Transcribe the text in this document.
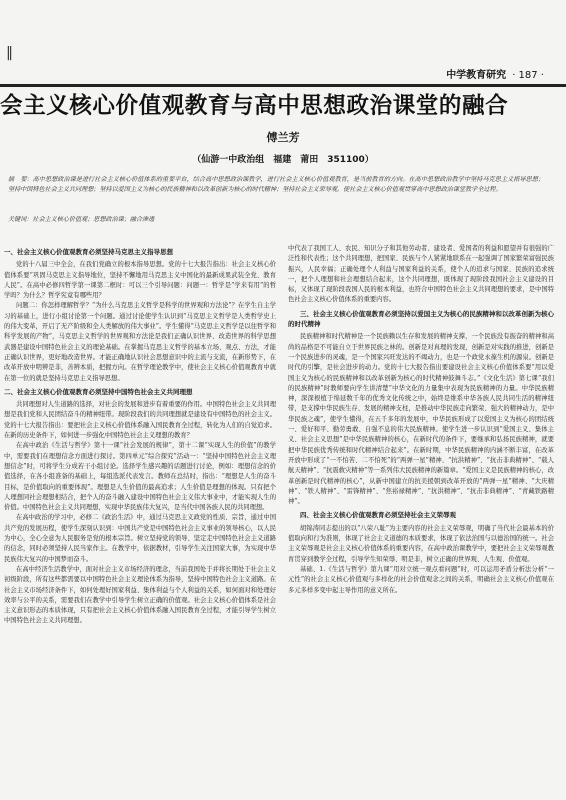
‖
中学教育研究 · 187 ·
会主义核心价值观教育与高中思想政治课堂的融合
傅兰芳
（仙游一中政治组　福建　莆田　351100）
摘　要：高中思想政治课是进行社会主义核心价值体系的重要平台，结合高中思想政治课教学，进行社会主义核心价值观教育，是当前教育的方向。在高中思想政治教学中坚持马克思主义指导思想；坚持中国特色社会主义共同理想；坚持以爱国主义为核心的民族精神和以改革创新为核心的时代精神；坚持社会主义荣辱观。使社会主义核心价值观贯穿高中思想政治课堂教学全过程。
关键词：社会主义核心价值观；思想政治课；融合渗透
一、社会主义核心价值观教育必须坚持马克思主义指导思想

党的十八届三中全会，在我们党确立的根本指导思想。党的十七大报告指出：社会主义核心价值体系要“巩固马克思主义指导地位，坚持不懈地用马克思主义中国化的最新成果武装全党、教育人民”。在高中必修四哲学第一课第二框时：可以三个引导问题：问题一：哲学是“学来有用”的哲学吗？为什么？哲学究竟有哪些用？

问题二：你怎样理解哲学？“为什么马克思主义哲学是科学的世界观和方法论”？在学生自主学习的基础上，进行小组讨论第一个问题。通过讨论使学生认识到“马克思主义哲学是人类哲学史上的伟大变革，开启了无产阶级和全人类解放的伟大事业”。学生懂得“马克思主义哲学是以往哲学和科学发展的产物”，马克思主义哲学的世界观和方法论是我们正确认识世界、改造世界的科学思想武器是建设中国特色社会主义的理论基础。在掌握马克思主义哲学的基本立场、观点、方法，才能正确认识世界，更好地改造世界。才能正确地认识社会思想意识中的主流与支流，在新形势下，在改革开放中明辨是非，善辨本质，把握方向。在哲学理论教学中，使社会主义核心价值观教育中就在第一位的就是坚持马克思主义指导思想。

二、社会主义核心价值观教育必须坚持中国特色社会主义共同理想

共同理想对人生道路的选择，对社会的发展和进步有着重要的作用。中国特色社会主义共同理想是我们党和人民团结奋斗的精神纽带。现阶段我们的共同理想就是建设有中国特色的社会主义。党的十七大报告指出：要把社会主义核心价值体系融入国民教育全过程，转化为人们的自觉追求。在新的历史条件下，如何进一步强化中国特色社会主义理想的教育？

在高中政治《生活与哲学》第十一课“社会发展的规律”，第十二课“实现人生的价值”的教学中，需要我们在理想信念方面进行探讨。第四单元“综合探究”活动一：“坚持中国特色社会主义理想信念”时，可将学生分成若干小组讨论。选择学生感兴趣的话题进行讨论，例如：理想信念的价值选择，在各小组准备的基础上，每组选派代表发言。教师在总结时，指出：“理想是人生的奋斗目标，是价值取向的重要体现”。理想是人生价值的最高追求；人生价值是理想的体现。只有把个人理想同社会理想相结合，把个人的奋斗融入建设中国特色社会主义伟大事业中，才能实现人生的价值。中国特色社会主义共同理想，实现中华民族伟大复兴，是当代中国各族人民的共同理想。

在高中政治的学习中，必修二《政治生活》中，通过马克思主义政党的性质、宗旨，通过中国共产党的发展历程，使学生深刻认识到：中国共产党是中国特色社会主义事业的领导核心，以人民为中心，全心全意为人民服务是党的根本宗旨。树立坚持党的领导、坚定走中国特色社会主义道路的信念，同时必须坚持人民当家作主。在教学中，依据教材，引导学生关注国家大事，为实现中华民族伟大复兴的中国梦而奋斗。

在高中经济生活教学中，面对社会主义市场经济的理念，当前我国处于并将长期处于社会主义初级阶段，所有这些都需要以中国特色社会主义理论体系为指导，坚持中国特色社会主义道路。在社会主义市场经济条件下，如何处理好国家利益、集体利益与个人利益的关系，如何面对和处理好效率与公平的关系，需要我们在教学中引导学生树立正确的价值观。社会主义核心价值体系是社会主义意识形态的本质体现，只有把社会主义核心价值体系融入国民教育全过程，才能引导学生树立中国特色社会主义共同理想。

中代表了我国工人、农民、知识分子和其他劳动者、建设者、爱国者的利益和愿望并有很强的广泛性和代表性；这个共同理想，把国家、民族与个人紧紧地联系在一起强调了国家繁荣富强民族振兴，人民幸福；正确处理个人利益与国家利益的关系，使个人的追求与国家、民族的追求统一，把个人理想和社会理想结合起来，这个共同理想，既体现了现阶段我国社会主义建设的目标，又体现了现阶段我国人民的根本利益，也符合中国特色社会主义共同理想的要求，是中国特色社会主义核心价值体系的重要内容。

三、社会主义核心价值观教育必须坚持以爱国主义为核心的民族精神和以改革创新为核心的时代精神

民族精神和时代精神是一个民族赖以生存和发展的精神支撑，一个民族没有振奋的精神和高尚的品格是不可能自立于世界民族之林的。创新是对真理的发现，创新是对实践的推进，创新是一个民族进步的灵魂，是一个国家兴旺发达的不竭动力，也是一个政党永葆生机的源泉。创新是时代的引擎，是社会进步的动力。党的十七大报告指出要建设社会主义核心价值体系要“用以爱国主义为核心的民族精神和以改革创新为核心的时代精神鼓舞斗志。”《文化生活》第七课“我们的民族精神”时教师要向学生讲清楚“中华文化的力量集中表现为民族精神的力量。中华民族精神，深深根植于绵延数千年的优秀文化传统之中，始终是维系中华各族人民共同生活的精神纽带，是支撑中华民族生存、发展的精神支柱，是推动中华民族走向繁荣、强大的精神动力，是中华民族之魂”，使学生懂得，在五千多年的发展中，中华民族形成了以爱国主义为核心的团结统一、爱好和平、勤劳勇敢、自强不息的伟大民族精神。使学生进一步认识到“爱国主义、集体主义、社会主义思想”是中华民族精神的核心，在新时代的条件下，要继承和弘扬民族精神，就要把中华民族优秀传统和时代精神结合起来”。在新时期，中华民族精神的内涵不断丰富，在改革开放中形成了“一不怕苦、二不怕死”的“两弹一星”精神、“抗洪精神”、“抗击非典精神”、“载人航天精神”、“抗震救灾精神”等一系列伟大民族精神的新篇章。“爱国主义是民族精神的核心，改革创新是时代精神的核心”，从新中国建立的抗美援朝到改革开放的“两弹一星”精神、“大庆精神”、“铁人精神”、“雷锋精神”、“焦裕禄精神”、“抗洪精神”、“抗击非典精神”、“青藏铁路精神”。

四、社会主义核心价值观教育必须坚持社会主义荣辱观

胡锦涛同志提出的以“八荣八耻”为主要内容的社会主义荣辱观，明确了当代社会最基本的价值取向和行为准则，体现了社会主义道德的本质要求，体现了依法治国与以德治国的统一。社会主义荣辱观是社会主义核心价值体系的重要内容，在高中政治课教学中，要把社会主义荣辱观教育贯穿到教学全过程，引导学生知荣辱、明是非，树立正确的世界观、人生观、价值观。

基础、1.《生活与哲学》第九课“用对立统一观点看问题”时，可以运用矛盾分析法分析“一元性”的社会主义核心价值观与多样化的社会价值观念之间的关系，明确社会主义核心价值观在多元多样多变中起主导作用的意义所在。
